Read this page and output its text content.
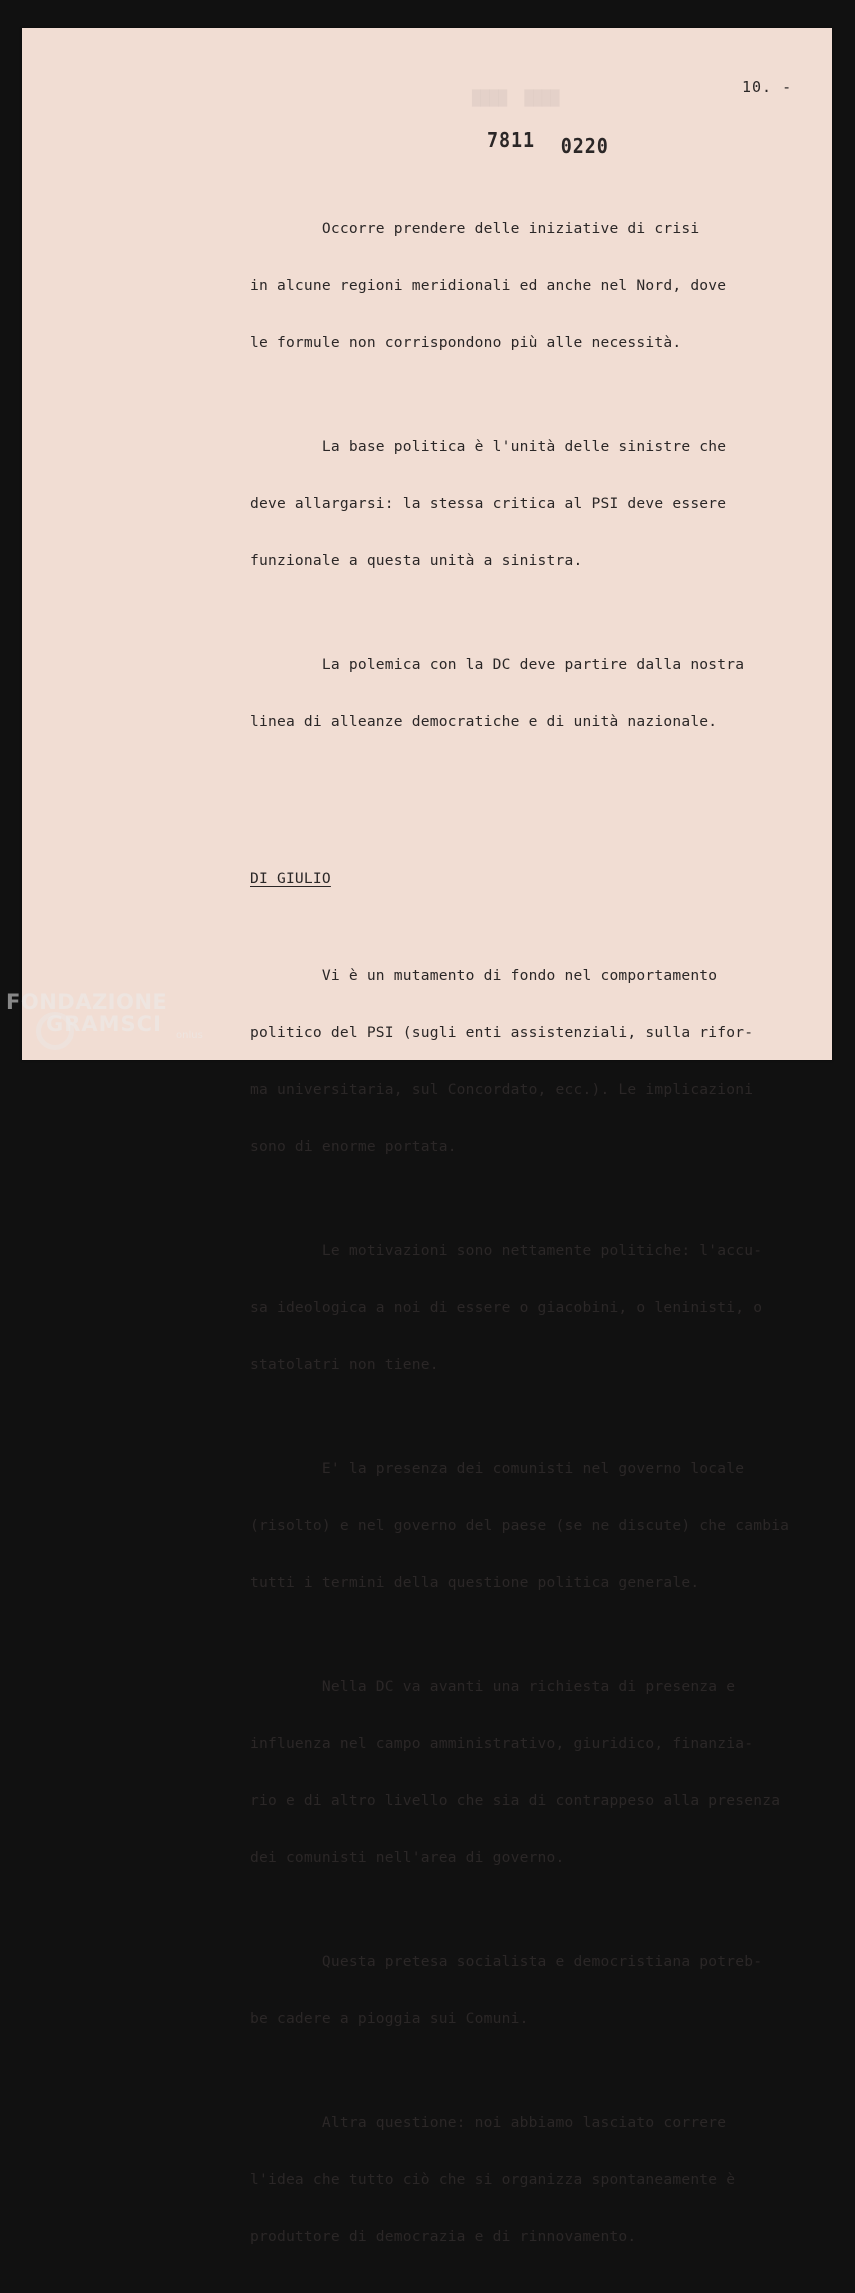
████  ████
10. -
7811 0220

Occorre prendere delle iniziative di crisi

in alcune regioni meridionali ed anche nel Nord, dove

le formule non corrispondono più alle necessità.

La base politica è l'unità delle sinistre che

deve allargarsi: la stessa critica al PSI deve essere

funzionale a questa unità a sinistra.

La polemica con la DC deve partire dalla nostra

linea di alleanze democratiche e di unità nazionale.

DI GIULIO

Vi è un mutamento di fondo nel comportamento

politico del PSI (sugli enti assistenziali, sulla rifor-

ma universitaria, sul Concordato, ecc.). Le implicazioni

sono di enorme portata.

Le motivazioni sono nettamente politiche: l'accu-

sa ideologica a noi di essere o giacobini, o leninisti, o

statolatri non tiene.

E' la presenza dei comunisti nel governo locale

(risolto) e nel governo del paese (se ne discute) che cambia

tutti i termini della questione politica generale.

Nella DC va avanti una richiesta di presenza e

influenza nel campo amministrativo, giuridico, finanzia-

rio e di altro livello che sia di contrappeso alla presenza

dei comunisti nell'area di governo.

Questa pretesa socialista e democristiana potreb-

be cadere a pioggia sui Comuni.

Altra questione: noi abbiamo lasciato correre

l'idea che tutto ciò che si organizza spontaneamente è

produttore di democrazia e di rinnovamento.

FONDAZIONE
GRAMSCI	onlus
